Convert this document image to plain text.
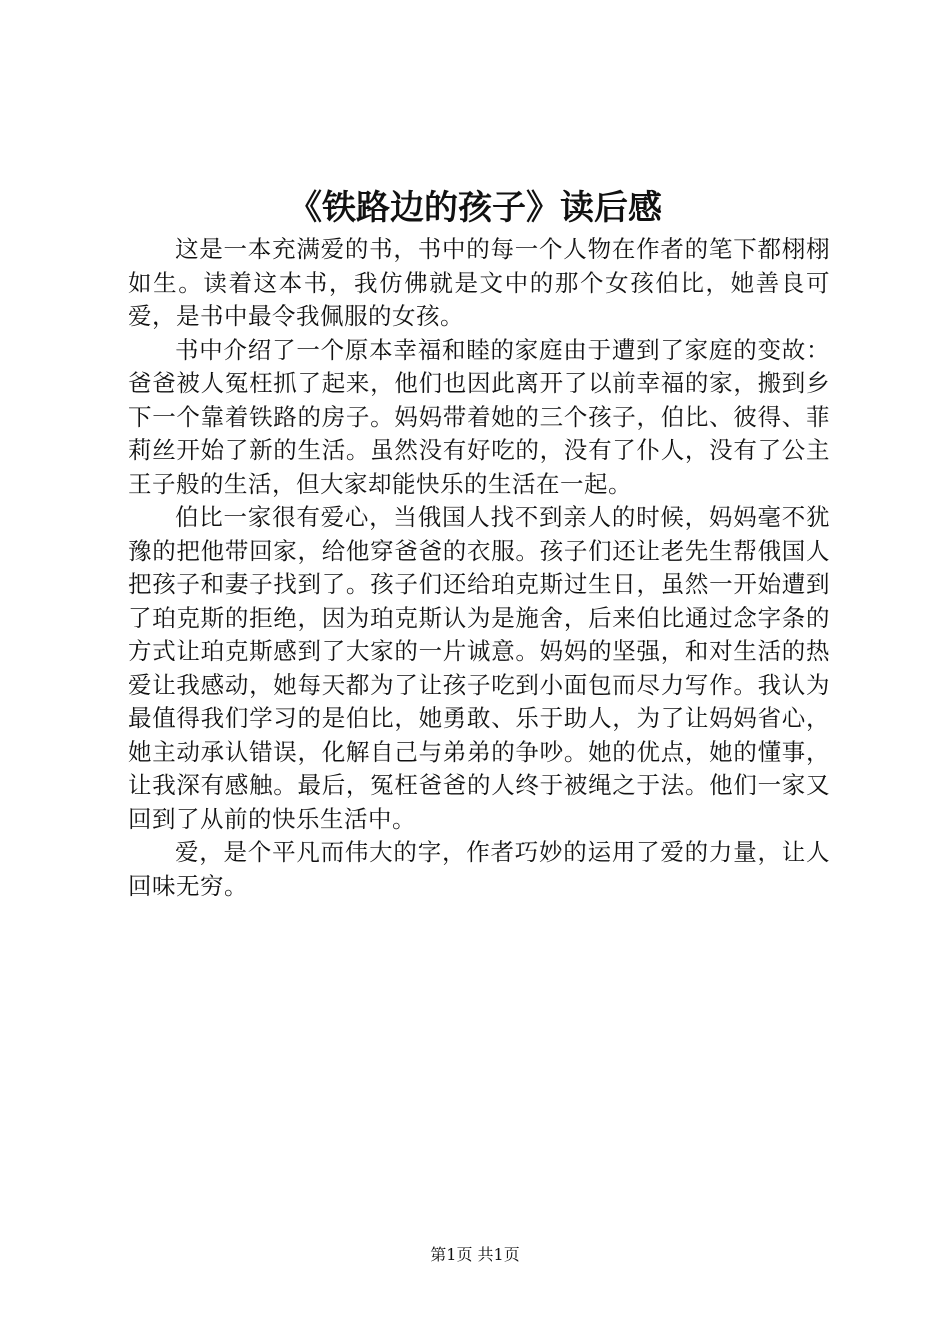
《铁路边的孩子》读后感

这是一本充满爱的书，书中的每一个人物在作者的笔下都栩栩如生。读着这本书，我仿佛就是文中的那个女孩伯比，她善良可爱，是书中最令我佩服的女孩。

书中介绍了一个原本幸福和睦的家庭由于遭到了家庭的变故：爸爸被人冤枉抓了起来，他们也因此离开了以前幸福的家，搬到乡下一个靠着铁路的房子。妈妈带着她的三个孩子，伯比、彼得、菲莉丝开始了新的生活。虽然没有好吃的，没有了仆人，没有了公主王子般的生活，但大家却能快乐的生活在一起。

伯比一家很有爱心，当俄国人找不到亲人的时候，妈妈毫不犹豫的把他带回家，给他穿爸爸的衣服。孩子们还让老先生帮俄国人把孩子和妻子找到了。孩子们还给珀克斯过生日，虽然一开始遭到了珀克斯的拒绝，因为珀克斯认为是施舍，后来伯比通过念字条的方式让珀克斯感到了大家的一片诚意。妈妈的坚强，和对生活的热爱让我感动，她每天都为了让孩子吃到小面包而尽力写作。我认为最值得我们学习的是伯比，她勇敢、乐于助人，为了让妈妈省心，她主动承认错误，化解自己与弟弟的争吵。她的优点，她的懂事，让我深有感触。最后，冤枉爸爸的人终于被绳之于法。他们一家又回到了从前的快乐生活中。

爱，是个平凡而伟大的字，作者巧妙的运用了爱的力量，让人回味无穷。

第1页 共1页
